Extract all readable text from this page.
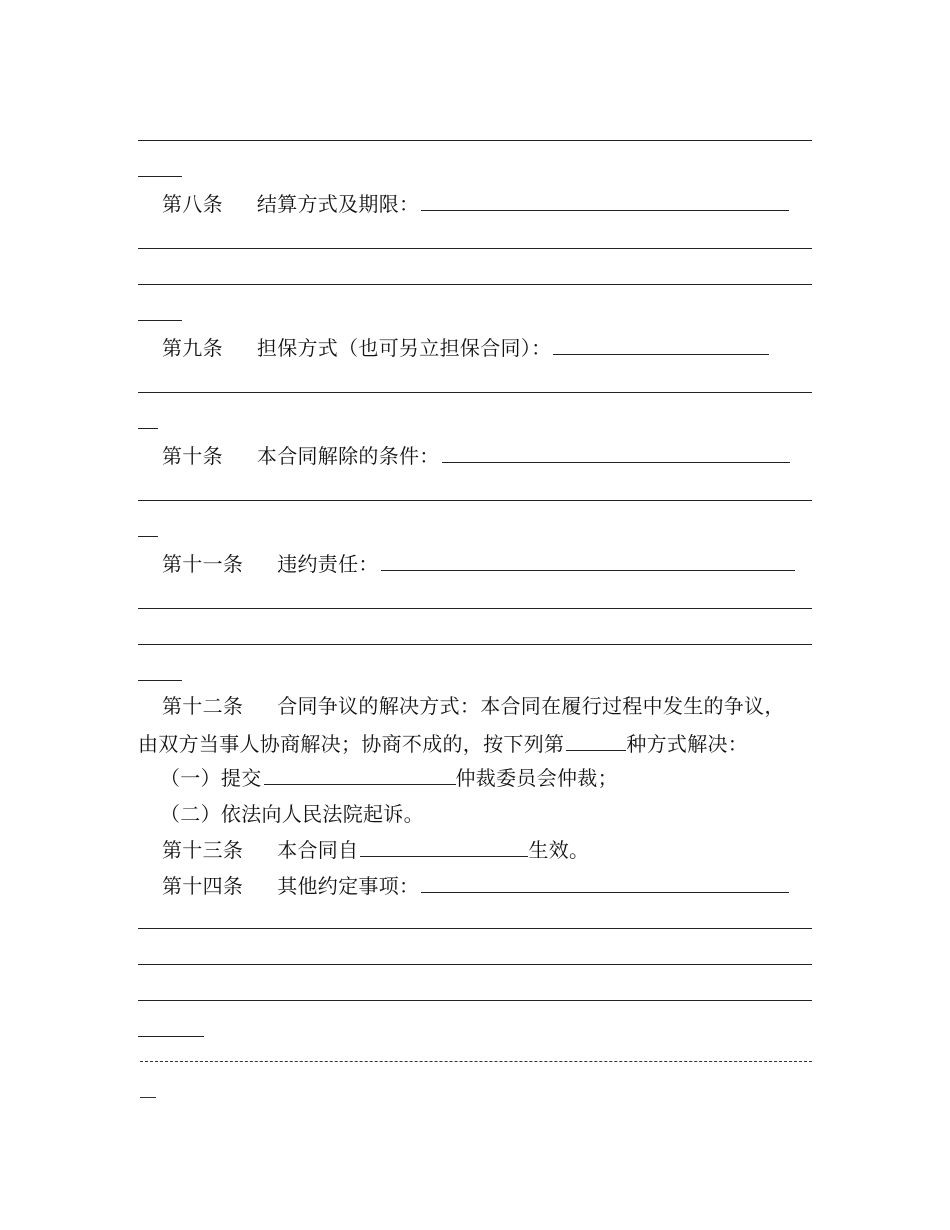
第八条 结算方式及期限：
第九条 担保方式（也可另立担保合同）：
第十条 本合同解除的条件：
第十一条 违约责任：
第十二条 合同争议的解决方式：本合同在履行过程中发生的争议，
由双方当事人协商解决；协商不成的，按下列第	种方式解决：
（一）提交	仲裁委员会仲裁；
（二）依法向人民法院起诉。
第十三条 本合同自	生效。
第十四条 其他约定事项：
